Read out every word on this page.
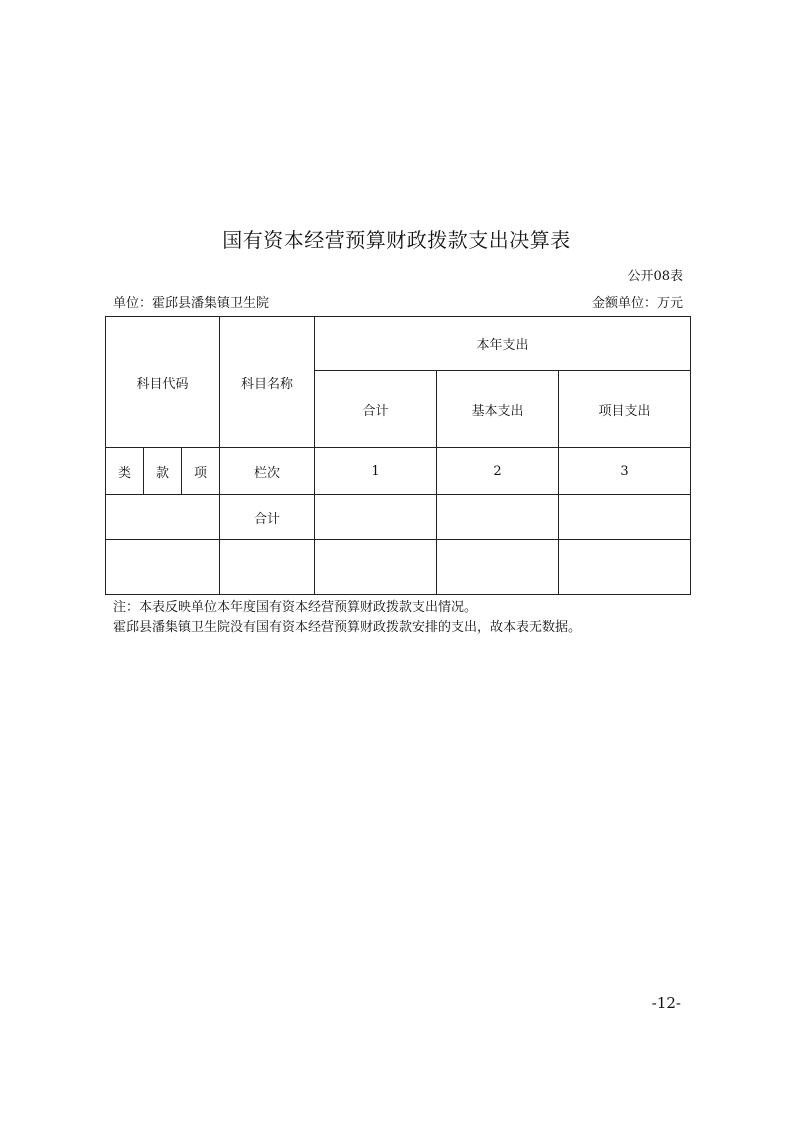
国有资本经营预算财政拨款支出决算表
公开08表
单位：霍邱县潘集镇卫生院	金额单位：万元
科目代码			科目名称	本年支出		
				合计	基本支出	项目支出
类	款	项	栏次	1	2	3
			合计			

注：本表反映单位本年度国有资本经营预算财政拨款支出情况。
霍邱县潘集镇卫生院没有国有资本经营预算财政拨款安排的支出，故本表无数据。
-12-
